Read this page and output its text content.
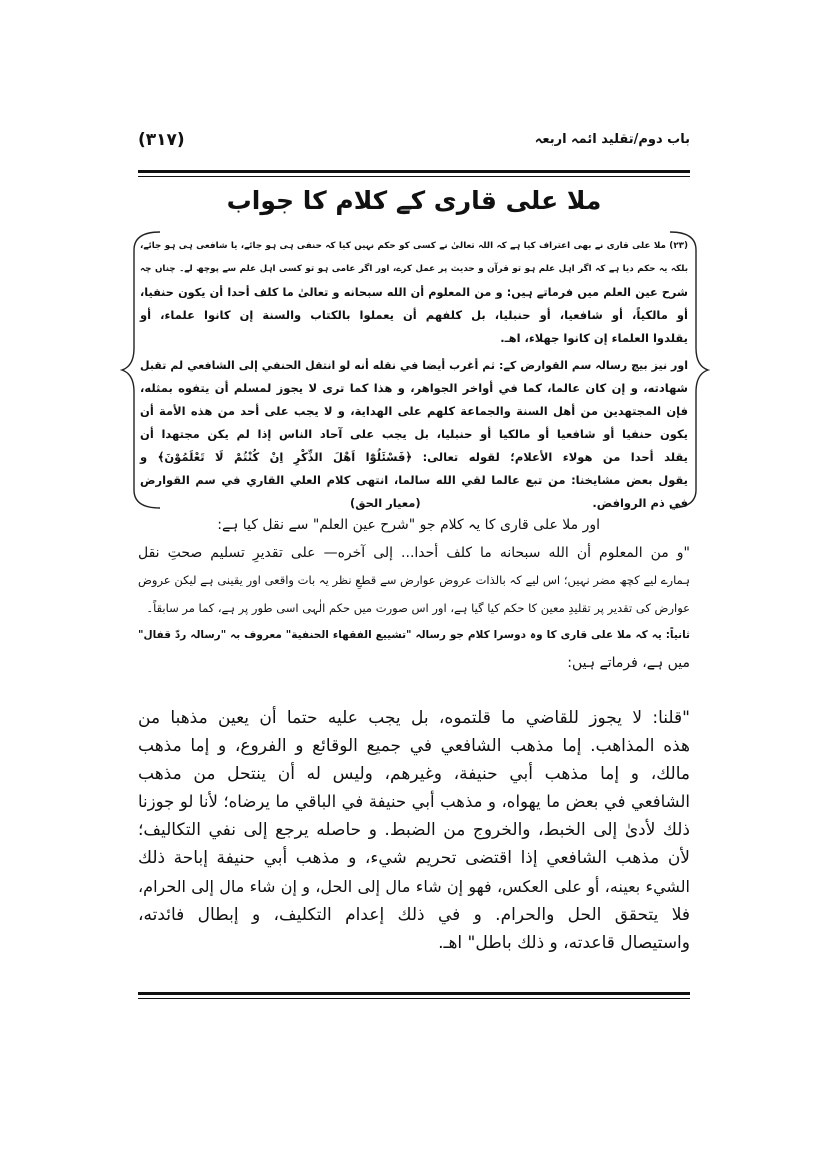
باب دوم/تقلید ائمہ اربعہ
(۳۱۷)
ملا علی قاری کے کلام کا جواب
(۲۳) ملا علی قاری نے بھی اعتراف کیا ہے کہ اللہ تعالیٰ نے کسی کو حکم نہیں کیا کہ حنفی ہی ہو جائے، یا شافعی ہی ہو جائے،
بلکہ یہ حکم دیا ہے کہ اگر اہل علم ہو تو قرآن و حدیث پر عمل کرے، اور اگر عامی ہو تو کسی اہل علم سے پوچھ لے۔ چناں چہ
شرح عین العلم میں فرماتے ہیں: و من المعلوم أن الله سبحانه و تعالىٰ ما كلف أحدا أن يكون حنفيا،
أو مالكياً، أو شافعيا، أو حنبليا، بل كلفهم أن يعملوا بالكتاب والسنة إن كانوا علماء، أو
يقلدوا العلماء إن كانوا جهلاء، اهـ.
اور نیز بیچ رسالہ سم القوارض کے: ثم أغرب أيضا في نقله أنه لو انتقل الحنفي إلى الشافعي لم تقبل
شهادته، و إن كان عالما، كما في أواخر الجواهر، و هذا كما ترى لا يجوز لمسلم أن يتفوه بمثله،
فإن المجتهدين من أهل السنة والجماعة كلهم على الهداية، و لا يجب على أحد من هذه الأمة أن
يكون حنفيا أو شافعيا أو مالكيا أو حنبليا، بل يجب على آحاد الناس إذا لم يكن مجتهدا أن
يقلد أحدا من هولاء الأعلام؛ لقوله تعالى: ﴿فَسْئَلُوْٓا اَهْلَ الذِّكْرِ اِنْ كُنْتُمْ لَا تَعْلَمُوْنَ﴾ و
يقول بعض مشايخنا: من تبع عالما لقي الله سالما، انتهى كلام العلي القاري في سم القوارض
في ذم الروافض.
(معیار الحق)
اور ملا علی قاری کا یہ کلام جو "شرح عین العلم" سے نقل کیا ہے:
"و من المعلوم أن الله سبحانه ما كلف أحدا... إلى آخره— على تقدیرِ تسلیم صحتِ نقل
ہمارے لیے کچھ مضر نہیں؛ اس لیے کہ بالذات عروض عوارض سے قطعِ نظر یہ بات واقعی اور یقینی ہے لیکن عروض
عوارض کی تقدیر پر تقلیدِ معین کا حکم کیا گیا ہے، اور اس صورت میں حکم الٰہی اسی طور پر ہے، کما مر سابقاً۔
ثانیاً: یہ کہ ملا علی قاری کا وہ دوسرا کلام جو رسالہ "تشييع الفقهاء الحنفية" معروف بہ "رسالہ ردّ قفال"
میں ہے، فرماتے ہیں:
"قلنا: لا يجوز للقاضي ما قلتموه، بل يجب عليه حتما أن يعين مذهبا من
هذه المذاهب. إما مذهب الشافعي في جميع الوقائع و الفروع، و إما مذهب
مالك، و إما مذهب أبي حنيفة، وغيرهم، وليس له أن ينتحل من مذهب
الشافعي في بعض ما يهواه، و مذهب أبي حنيفة في الباقي ما يرضاه؛ لأنا لو جوزنا
ذلك لأدىٰ إلى الخبط، والخروج من الضبط. و حاصله يرجع إلى نفي التكاليف؛
لأن مذهب الشافعي إذا اقتضى تحريم شيء، و مذهب أبي حنيفة إباحة ذلك
الشيء بعينه، أو على العكس، فهو إن شاء مال إلى الحل، و إن شاء مال إلى الحرام،
فلا يتحقق الحل والحرام. و في ذلك إعدام التكليف، و إبطال فائدته،
واستيصال قاعدته، و ذلك باطل" اهـ.
